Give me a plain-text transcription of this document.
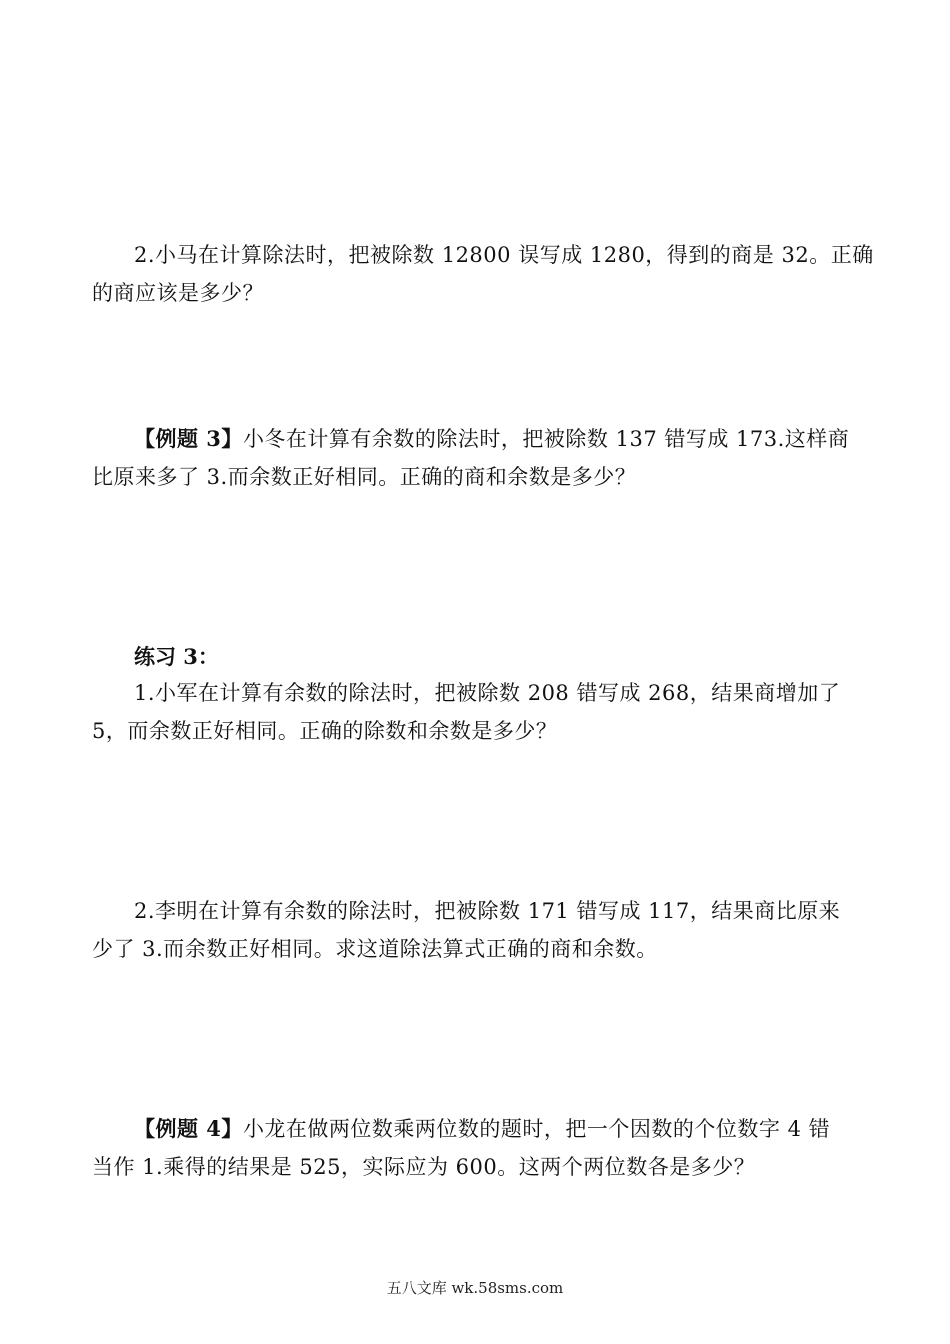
2.小马在计算除法时，把被除数 12800 误写成 1280，得到的商是 32。正确
的商应该是多少？
【例题 3】小冬在计算有余数的除法时，把被除数 137 错写成 173.这样商
比原来多了 3.而余数正好相同。正确的商和余数是多少？
练习 3：
1.小军在计算有余数的除法时，把被除数 208 错写成 268，结果商增加了
5，而余数正好相同。正确的除数和余数是多少？
2.李明在计算有余数的除法时，把被除数 171 错写成 117，结果商比原来
少了 3.而余数正好相同。求这道除法算式正确的商和余数。
【例题 4】小龙在做两位数乘两位数的题时，把一个因数的个位数字 4 错
当作 1.乘得的结果是 525，实际应为 600。这两个两位数各是多少？
五八文库 wk.58sms.com
